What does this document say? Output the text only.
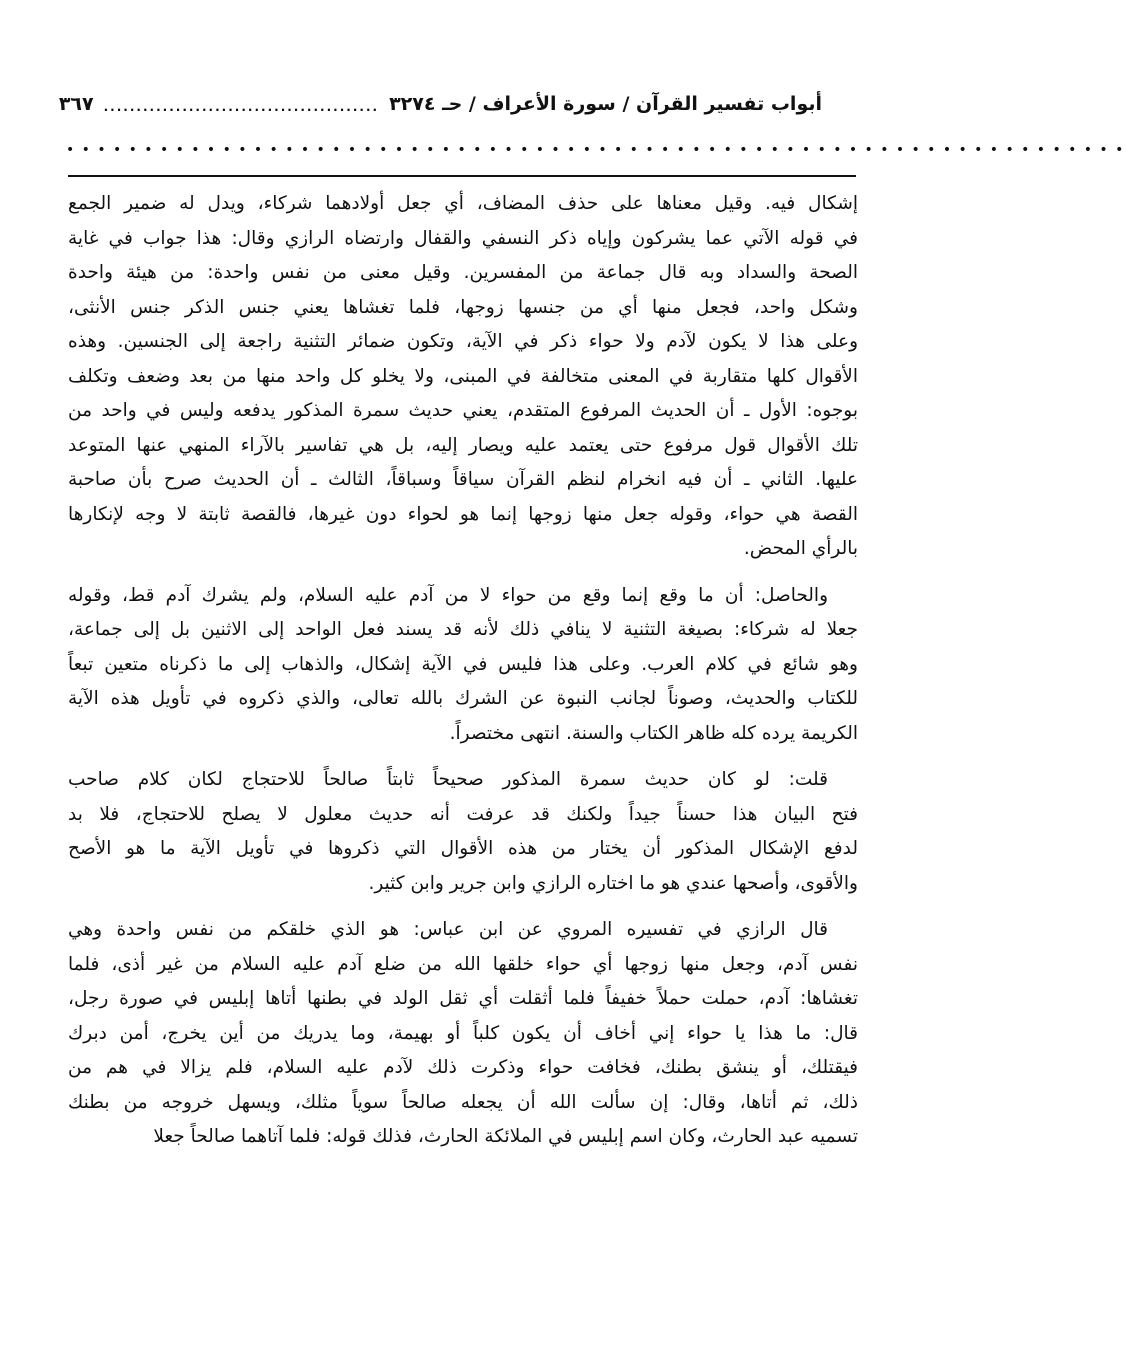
أبواب تفسير القرآن / سورة الأعراف / حـ ٣٢٧٤
..........................................
٣٦٧
••••••••••••••••••••••••••••••••••••••••••••••••••••••••••••••••••••
إشكال فيه. وقيل معناها على حذف المضاف، أي جعل أولادهما شركاء، ويدل له ضمير الجمع
في قوله الآتي عما يشركون وإياه ذكر النسفي والقفال وارتضاه الرازي وقال: هذا جواب في غاية
الصحة والسداد وبه قال جماعة من المفسرين. وقيل معنى من نفس واحدة: من هيئة واحدة
وشكل واحد، فجعل منها أي من جنسها زوجها، فلما تغشاها يعني جنس الذكر جنس الأنثى،
وعلى هذا لا يكون لآدم ولا حواء ذكر في الآية، وتكون ضمائر التثنية راجعة إلى الجنسين. وهذه
الأقوال كلها متقاربة في المعنى متخالفة في المبنى، ولا يخلو كل واحد منها من بعد وضعف وتكلف
بوجوه: الأول ـ أن الحديث المرفوع المتقدم، يعني حديث سمرة المذكور يدفعه وليس في واحد من
تلك الأقوال قول مرفوع حتى يعتمد عليه ويصار إليه، بل هي تفاسير بالآراء المنهي عنها المتوعد
عليها. الثاني ـ أن فيه انخرام لنظم القرآن سياقاً وسباقاً، الثالث ـ أن الحديث صرح بأن صاحبة
القصة هي حواء، وقوله جعل منها زوجها إنما هو لحواء دون غيرها، فالقصة ثابتة لا وجه لإنكارها
بالرأي المحض.
والحاصل: أن ما وقع إنما وقع من حواء لا من آدم عليه السلام، ولم يشرك آدم قط، وقوله
جعلا له شركاء: بصيغة التثنية لا ينافي ذلك لأنه قد يسند فعل الواحد إلى الاثنين بل إلى جماعة،
وهو شائع في كلام العرب. وعلى هذا فليس في الآية إشكال، والذهاب إلى ما ذكرناه متعين تبعاً
للكتاب والحديث، وصوناً لجانب النبوة عن الشرك بالله تعالى، والذي ذكروه في تأويل هذه الآية
الكريمة يرده كله ظاهر الكتاب والسنة. انتهى مختصراً.
قلت: لو كان حديث سمرة المذكور صحيحاً ثابتاً صالحاً للاحتجاج لكان كلام صاحب
فتح البيان هذا حسناً جيداً ولكنك قد عرفت أنه حديث معلول لا يصلح للاحتجاج، فلا بد
لدفع الإشكال المذكور أن يختار من هذه الأقوال التي ذكروها في تأويل الآية ما هو الأصح
والأقوى، وأصحها عندي هو ما اختاره الرازي وابن جرير وابن كثير.
قال الرازي في تفسيره المروي عن ابن عباس: هو الذي خلقكم من نفس واحدة وهي
نفس آدم، وجعل منها زوجها أي حواء خلقها الله من ضلع آدم عليه السلام من غير أذى، فلما
تغشاها: آدم، حملت حملاً خفيفاً فلما أثقلت أي ثقل الولد في بطنها أتاها إبليس في صورة رجل،
قال: ما هذا يا حواء إني أخاف أن يكون كلباً أو بهيمة، وما يدريك من أين يخرج، أمن دبرك
فيقتلك، أو ينشق بطنك، فخافت حواء وذكرت ذلك لآدم عليه السلام، فلم يزالا في هم من
ذلك، ثم أتاها، وقال: إن سألت الله أن يجعله صالحاً سوياً مثلك، ويسهل خروجه من بطنك
تسميه عبد الحارث، وكان اسم إبليس في الملائكة الحارث، فذلك قوله: فلما آتاهما صالحاً جعلا
